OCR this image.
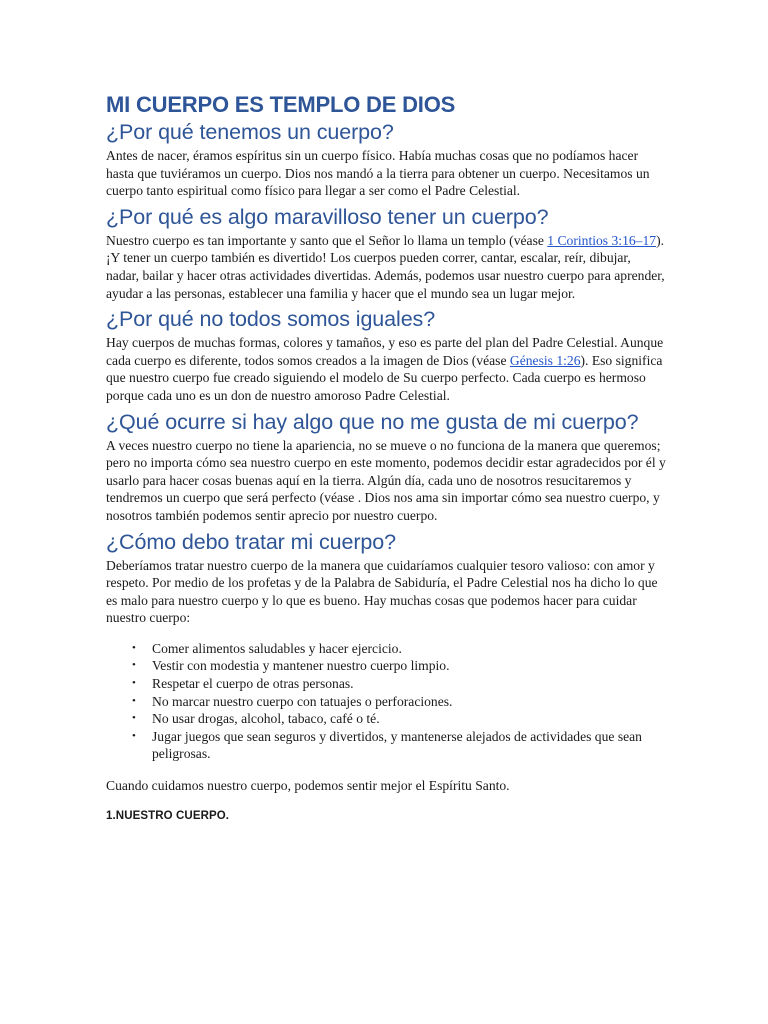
MI CUERPO ES TEMPLO DE DIOS
¿Por qué tenemos un cuerpo?

Antes de nacer, éramos espíritus sin un cuerpo físico. Había muchas cosas que no podíamos hacer hasta que tuviéramos un cuerpo. Dios nos mandó a la tierra para obtener un cuerpo. Necesitamos un cuerpo tanto espiritual como físico para llegar a ser como el Padre Celestial.

¿Por qué es algo maravilloso tener un cuerpo?

Nuestro cuerpo es tan importante y santo que el Señor lo llama un templo (véase 1 Corintios 3:16–17). ¡Y tener un cuerpo también es divertido! Los cuerpos pueden correr, cantar, escalar, reír, dibujar, nadar, bailar y hacer otras actividades divertidas. Además, podemos usar nuestro cuerpo para aprender, ayudar a las personas, establecer una familia y hacer que el mundo sea un lugar mejor.

¿Por qué no todos somos iguales?

Hay cuerpos de muchas formas, colores y tamaños, y eso es parte del plan del Padre Celestial. Aunque cada cuerpo es diferente, todos somos creados a la imagen de Dios (véase Génesis 1:26). Eso significa que nuestro cuerpo fue creado siguiendo el modelo de Su cuerpo perfecto. Cada cuerpo es hermoso porque cada uno es un don de nuestro amoroso Padre Celestial.

¿Qué ocurre si hay algo que no me gusta de mi cuerpo?

A veces nuestro cuerpo no tiene la apariencia, no se mueve o no funciona de la manera que queremos; pero no importa cómo sea nuestro cuerpo en este momento, podemos decidir estar agradecidos por él y usarlo para hacer cosas buenas aquí en la tierra. Algún día, cada uno de nosotros resucitaremos y tendremos un cuerpo que será perfecto (véase . Dios nos ama sin importar cómo sea nuestro cuerpo, y nosotros también podemos sentir aprecio por nuestro cuerpo.

¿Cómo debo tratar mi cuerpo?

Deberíamos tratar nuestro cuerpo de la manera que cuidaríamos cualquier tesoro valioso: con amor y respeto. Por medio de los profetas y de la Palabra de Sabiduría, el Padre Celestial nos ha dicho lo que es malo para nuestro cuerpo y lo que es bueno. Hay muchas cosas que podemos hacer para cuidar nuestro cuerpo:

• Comer alimentos saludables y hacer ejercicio.
• Vestir con modestia y mantener nuestro cuerpo limpio.
• Respetar el cuerpo de otras personas.
• No marcar nuestro cuerpo con tatuajes o perforaciones.
• No usar drogas, alcohol, tabaco, café o té.
• Jugar juegos que sean seguros y divertidos, y mantenerse alejados de actividades que sean peligrosas.

Cuando cuidamos nuestro cuerpo, podemos sentir mejor el Espíritu Santo.

1.NUESTRO CUERPO.
